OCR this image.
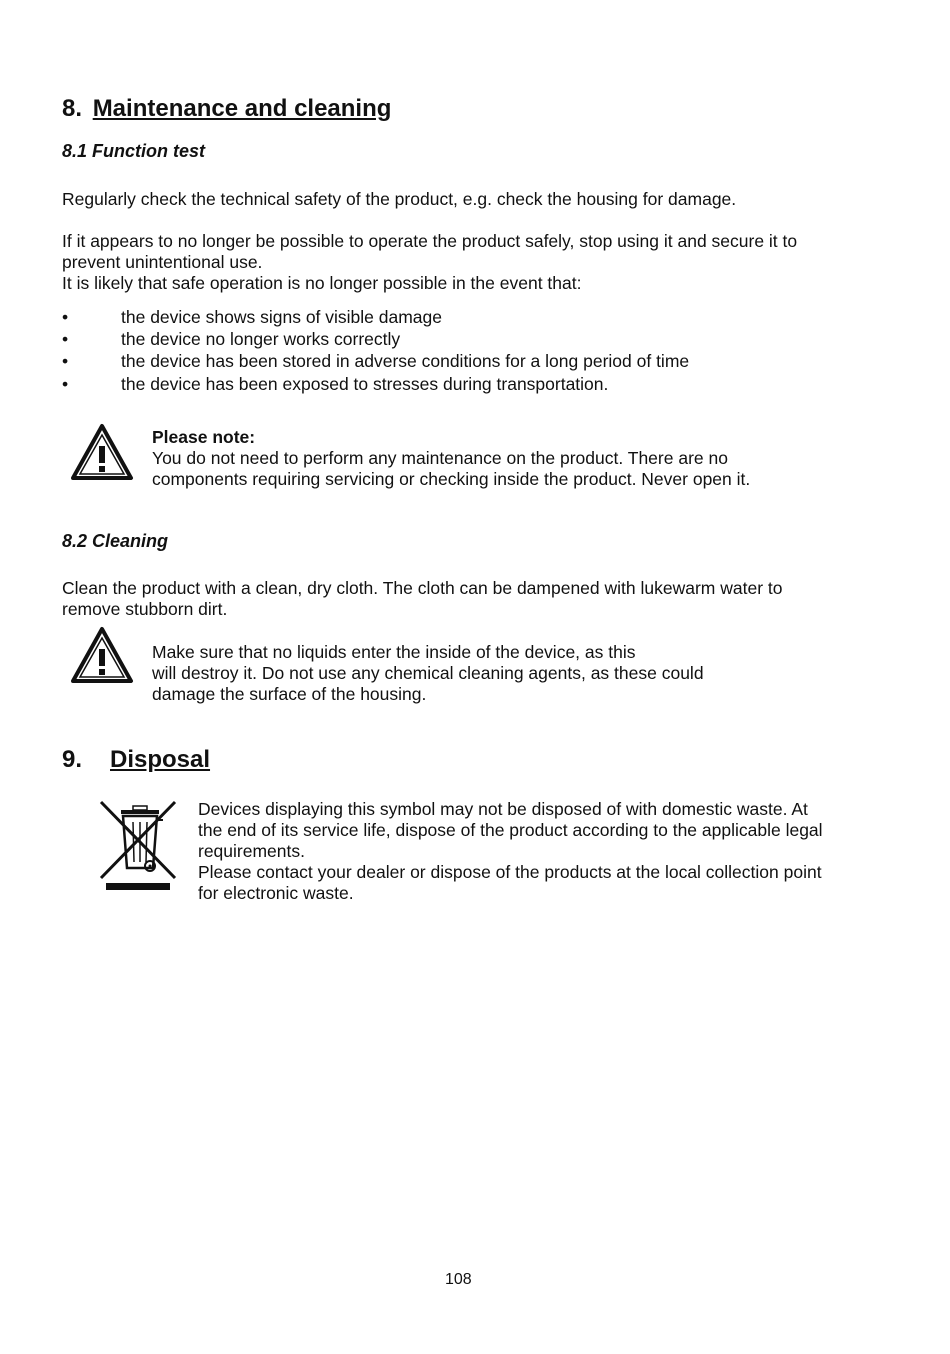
8. Maintenance and cleaning
8.1 Function test
Regularly check the technical safety of the product, e.g. check the housing for damage.
If it appears to no longer be possible to operate the product safely, stop using it and secure it to
prevent unintentional use.
It is likely that safe operation is no longer possible in the event that:
•	the device shows signs of visible damage
•	the device no longer works correctly
•	the device has been stored in adverse conditions for a long period of time
•	the device has been exposed to stresses during transportation.
Please note:
You do not need to perform any maintenance on the product. There are no
components requiring servicing or checking inside the product. Never open it.
8.2 Cleaning
Clean the product with a clean, dry cloth. The cloth can be dampened with lukewarm water to
remove stubborn dirt.
Make sure that no liquids enter the inside of the device, as this
will destroy it. Do not use any chemical cleaning agents, as these could
damage the surface of the housing.
9. Disposal
Devices displaying this symbol may not be disposed of with domestic waste. At
the end of its service life, dispose of the product according to the applicable legal
requirements.
Please contact your dealer or dispose of the products at the local collection point
for electronic waste.
108
